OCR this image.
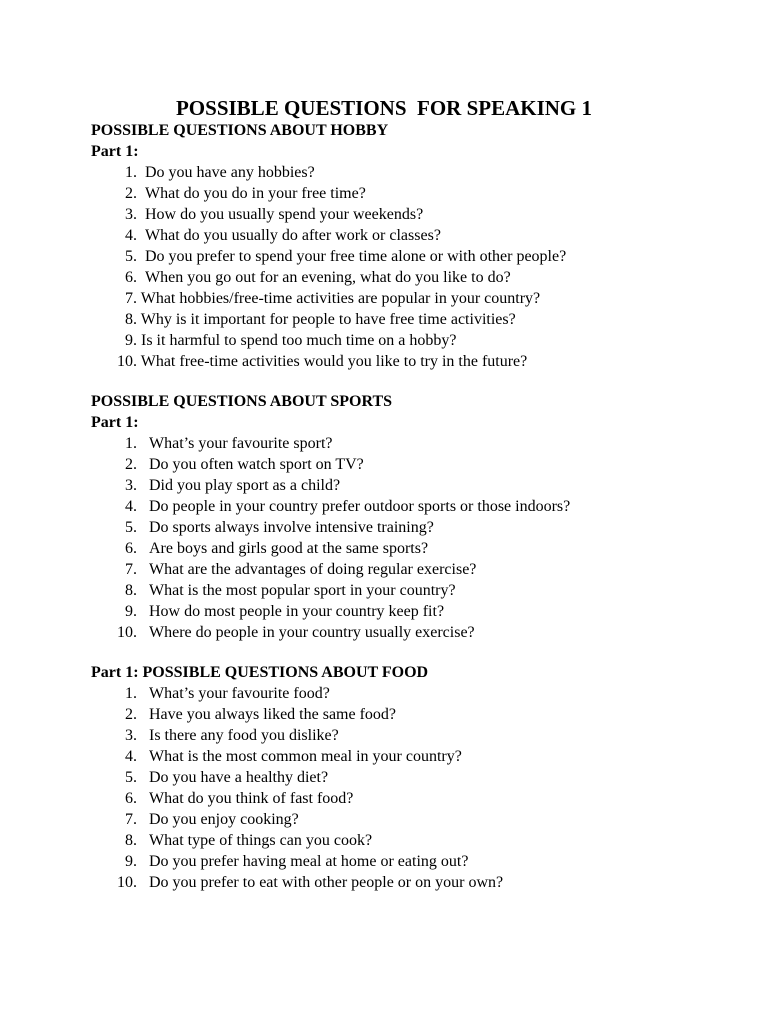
POSSIBLE QUESTIONS  FOR SPEAKING 1
POSSIBLE QUESTIONS ABOUT HOBBY
Part 1:
1. Do you have any hobbies?
2. What do you do in your free time?
3. How do you usually spend your weekends?
4. What do you usually do after work or classes?
5. Do you prefer to spend your free time alone or with other people?
6. When you go out for an evening, what do you like to do?
7. What hobbies/free-time activities are popular in your country?
8. Why is it important for people to have free time activities?
9. Is it harmful to spend too much time on a hobby?
10. What free-time activities would you like to try in the future?
POSSIBLE QUESTIONS ABOUT SPORTS
Part 1:
1. What’s your favourite sport?
2. Do you often watch sport on TV?
3. Did you play sport as a child?
4. Do people in your country prefer outdoor sports or those indoors?
5. Do sports always involve intensive training?
6. Are boys and girls good at the same sports?
7. What are the advantages of doing regular exercise?
8. What is the most popular sport in your country?
9. How do most people in your country keep fit?
10. Where do people in your country usually exercise?
Part 1: POSSIBLE QUESTIONS ABOUT FOOD
1. What’s your favourite food?
2. Have you always liked the same food?
3. Is there any food you dislike?
4. What is the most common meal in your country?
5. Do you have a healthy diet?
6. What do you think of fast food?
7. Do you enjoy cooking?
8. What type of things can you cook?
9. Do you prefer having meal at home or eating out?
10. Do you prefer to eat with other people or on your own?
